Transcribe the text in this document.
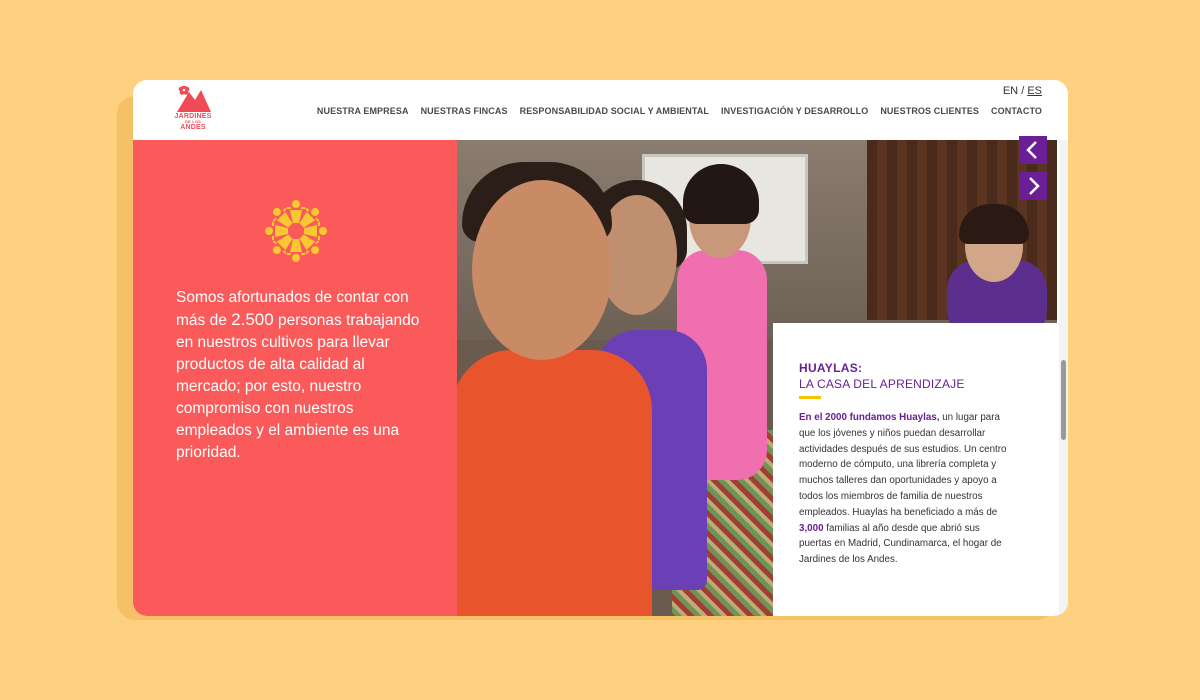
JARDINES
DE LOS
ANDES
EN / ES
NUESTRA EMPRESA NUESTRAS FINCAS RESPONSABILIDAD SOCIAL Y AMBIENTAL INVESTIGACIÓN Y DESARROLLO NUESTROS CLIENTES CONTACTO

Somos afortunados de contar con más de 2.500 personas trabajando en nuestros cultivos para llevar productos de alta calidad al mercado; por esto, nuestro compromiso con nuestros empleados y el ambiente es una prioridad.

HUAYLAS:
LA CASA DEL APRENDIZAJE

En el 2000 fundamos Huaylas, un lugar para que los jóvenes y niños puedan desarrollar actividades después de sus estudios. Un centro moderno de cómputo, una librería completa y muchos talleres dan oportunidades y apoyo a todos los miembros de familia de nuestros empleados. Huaylas ha beneficiado a más de 3,000 familias al año desde que abrió sus puertas en Madrid, Cundinamarca, el hogar de Jardines de los Andes.
